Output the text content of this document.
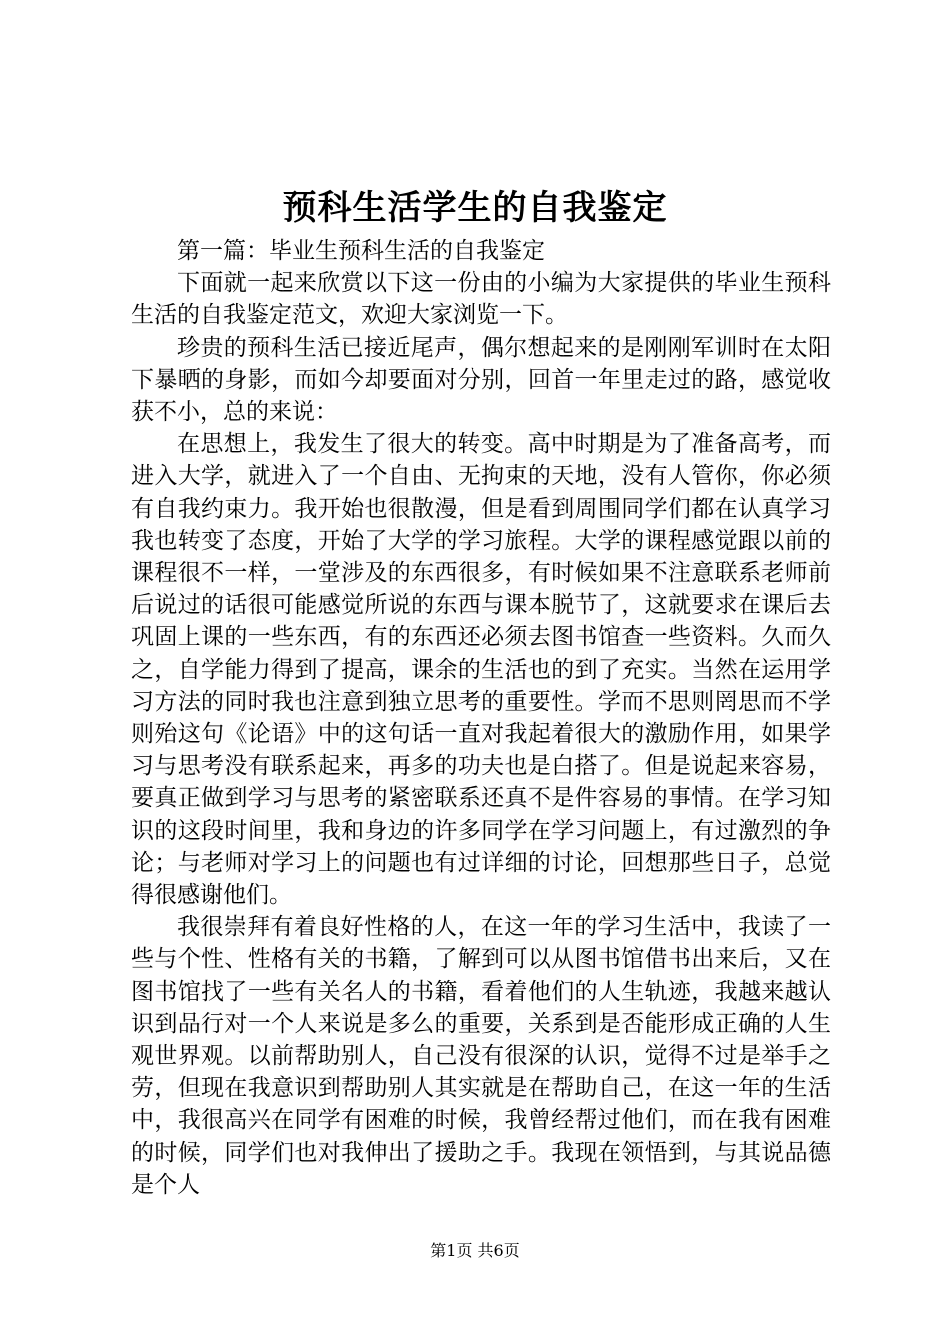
预科生活学生的自我鉴定

第一篇：毕业生预科生活的自我鉴定

下面就一起来欣赏以下这一份由的小编为大家提供的毕业生预科生活的自我鉴定范文，欢迎大家浏览一下。

珍贵的预科生活已接近尾声，偶尔想起来的是刚刚军训时在太阳下暴晒的身影，而如今却要面对分别，回首一年里走过的路，感觉收获不小，总的来说：

在思想上，我发生了很大的转变。高中时期是为了准备高考，而进入大学，就进入了一个自由、无拘束的天地，没有人管你，你必须有自我约束力。我开始也很散漫，但是看到周围同学们都在认真学习我也转变了态度，开始了大学的学习旅程。大学的课程感觉跟以前的课程很不一样，一堂涉及的东西很多，有时候如果不注意联系老师前后说过的话很可能感觉所说的东西与课本脱节了，这就要求在课后去巩固上课的一些东西，有的东西还必须去图书馆查一些资料。久而久之，自学能力得到了提高，课余的生活也的到了充实。当然在运用学习方法的同时我也注意到独立思考的重要性。学而不思则罔思而不学则殆这句《论语》中的这句话一直对我起着很大的激励作用，如果学习与思考没有联系起来，再多的功夫也是白搭了。但是说起来容易，要真正做到学习与思考的紧密联系还真不是件容易的事情。在学习知识的这段时间里，我和身边的许多同学在学习问题上，有过激烈的争论；与老师对学习上的问题也有过详细的讨论，回想那些日子，总觉得很感谢他们。

我很崇拜有着良好性格的人，在这一年的学习生活中，我读了一些与个性、性格有关的书籍，了解到可以从图书馆借书出来后，又在图书馆找了一些有关名人的书籍，看着他们的人生轨迹，我越来越认识到品行对一个人来说是多么的重要，关系到是否能形成正确的人生观世界观。以前帮助别人，自己没有很深的认识，觉得不过是举手之劳，但现在我意识到帮助别人其实就是在帮助自己，在这一年的生活中，我很高兴在同学有困难的时候，我曾经帮过他们，而在我有困难的时候，同学们也对我伸出了援助之手。我现在领悟到，与其说品德是个人

第1页 共6页
